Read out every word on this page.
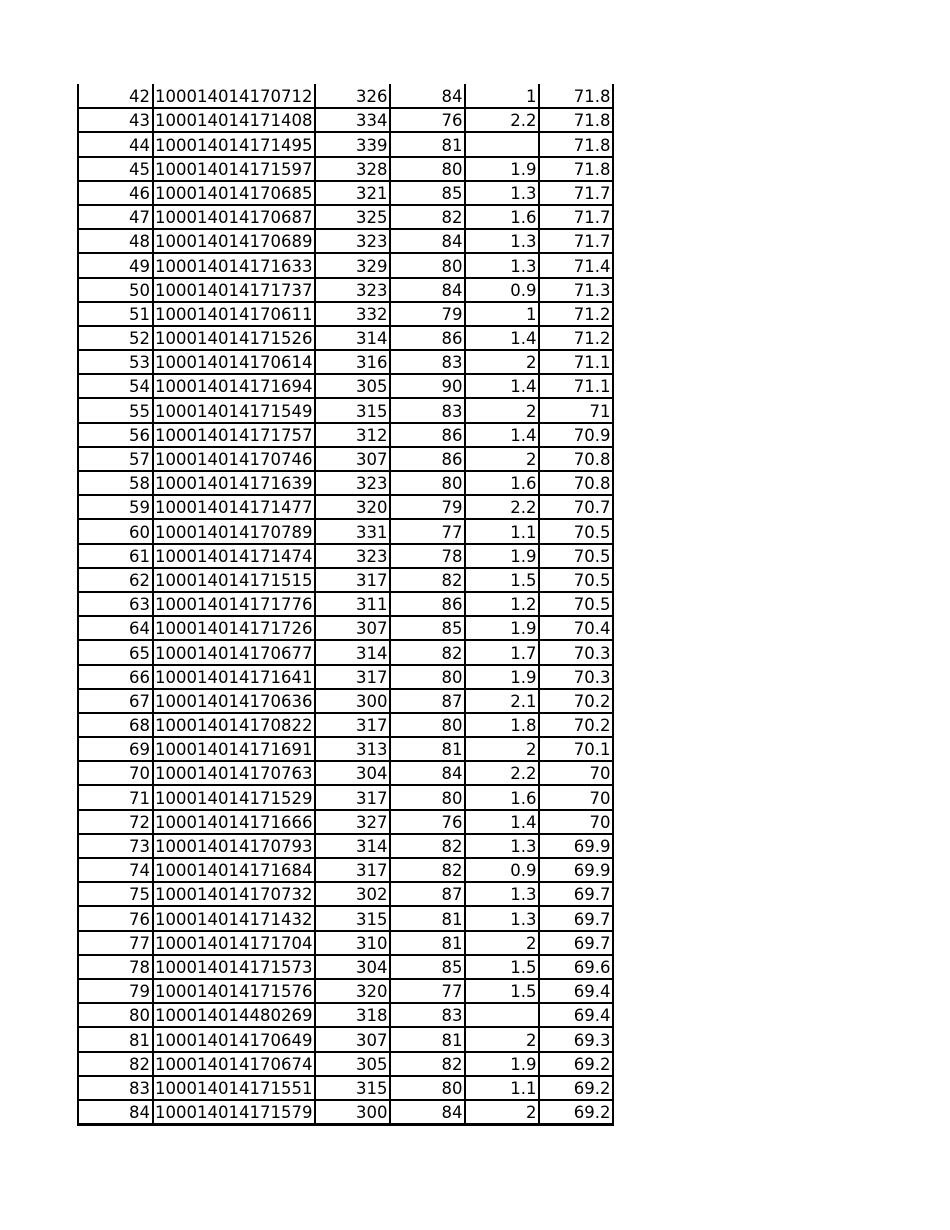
42	100014014170712	326	84	1	71.8
43	100014014171408	334	76	2.2	71.8
44	100014014171495	339	81		71.8
45	100014014171597	328	80	1.9	71.8
46	100014014170685	321	85	1.3	71.7
47	100014014170687	325	82	1.6	71.7
48	100014014170689	323	84	1.3	71.7
49	100014014171633	329	80	1.3	71.4
50	100014014171737	323	84	0.9	71.3
51	100014014170611	332	79	1	71.2
52	100014014171526	314	86	1.4	71.2
53	100014014170614	316	83	2	71.1
54	100014014171694	305	90	1.4	71.1
55	100014014171549	315	83	2	71
56	100014014171757	312	86	1.4	70.9
57	100014014170746	307	86	2	70.8
58	100014014171639	323	80	1.6	70.8
59	100014014171477	320	79	2.2	70.7
60	100014014170789	331	77	1.1	70.5
61	100014014171474	323	78	1.9	70.5
62	100014014171515	317	82	1.5	70.5
63	100014014171776	311	86	1.2	70.5
64	100014014171726	307	85	1.9	70.4
65	100014014170677	314	82	1.7	70.3
66	100014014171641	317	80	1.9	70.3
67	100014014170636	300	87	2.1	70.2
68	100014014170822	317	80	1.8	70.2
69	100014014171691	313	81	2	70.1
70	100014014170763	304	84	2.2	70
71	100014014171529	317	80	1.6	70
72	100014014171666	327	76	1.4	70
73	100014014170793	314	82	1.3	69.9
74	100014014171684	317	82	0.9	69.9
75	100014014170732	302	87	1.3	69.7
76	100014014171432	315	81	1.3	69.7
77	100014014171704	310	81	2	69.7
78	100014014171573	304	85	1.5	69.6
79	100014014171576	320	77	1.5	69.4
80	100014014480269	318	83		69.4
81	100014014170649	307	81	2	69.3
82	100014014170674	305	82	1.9	69.2
83	100014014171551	315	80	1.1	69.2
84	100014014171579	300	84	2	69.2
